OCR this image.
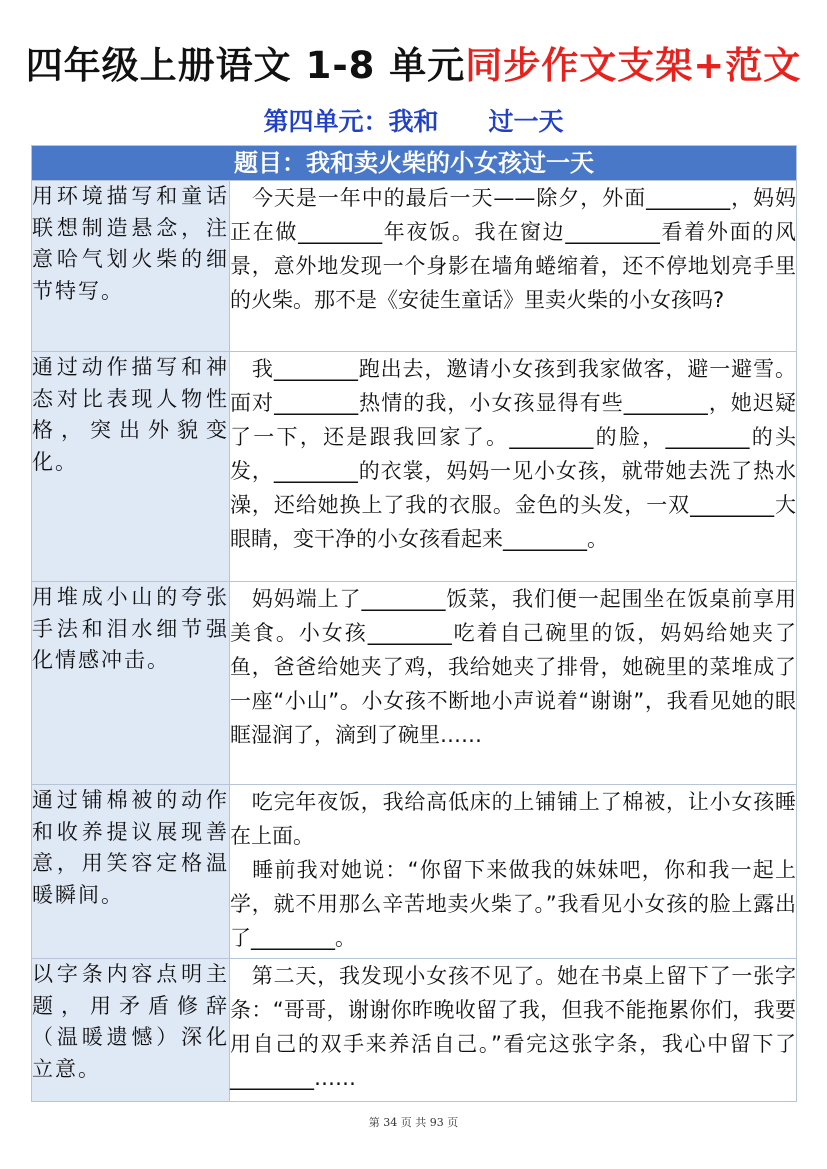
四年级上册语文 1-8 单元同步作文支架+范文
第四单元：我和　　过一天
题目：我和卖火柴的小女孩过一天	
用环境描写和童话联想制造悬念，注意哈气划火柴的细节特写。	　今天是一年中的最后一天——除夕，外面________，妈妈正在做________年夜饭。我在窗边_________看着外面的风景，意外地发现一个身影在墙角蜷缩着，还不停地划亮手里的火柴。那不是《安徒生童话》里卖火柴的小女孩吗?
通过动作描写和神态对比表现人物性格，突出外貌变化。	　我________跑出去，邀请小女孩到我家做客，避一避雪。面对________热情的我，小女孩显得有些________，她迟疑了一下，还是跟我回家了。________的脸，________的头发，________的衣裳，妈妈一见小女孩，就带她去洗了热水澡，还给她换上了我的衣服。金色的头发，一双________大眼睛，变干净的小女孩看起来________。
用堆成小山的夸张手法和泪水细节强化情感冲击。	　妈妈端上了________饭菜，我们便一起围坐在饭桌前享用美食。小女孩________吃着自己碗里的饭，妈妈给她夹了鱼，爸爸给她夹了鸡，我给她夹了排骨，她碗里的菜堆成了一座“小山”。小女孩不断地小声说着“谢谢”，我看见她的眼眶湿润了，滴到了碗里……
通过铺棉被的动作和收养提议展现善意，用笑容定格温暖瞬间。	　吃完年夜饭，我给高低床的上铺铺上了棉被，让小女孩睡在上面。
　睡前我对她说：“你留下来做我的妹妹吧，你和我一起上学，就不用那么辛苦地卖火柴了。”我看见小女孩的脸上露出了________。
以字条内容点明主题，用矛盾修辞（温暖遗憾）深化立意。	　第二天，我发现小女孩不见了。她在书桌上留下了一张字条：“哥哥，谢谢你昨晚收留了我，但我不能拖累你们，我要用自己的双手来养活自己。”看完这张字条，我心中留下了________……
第 34 页 共 93 页
